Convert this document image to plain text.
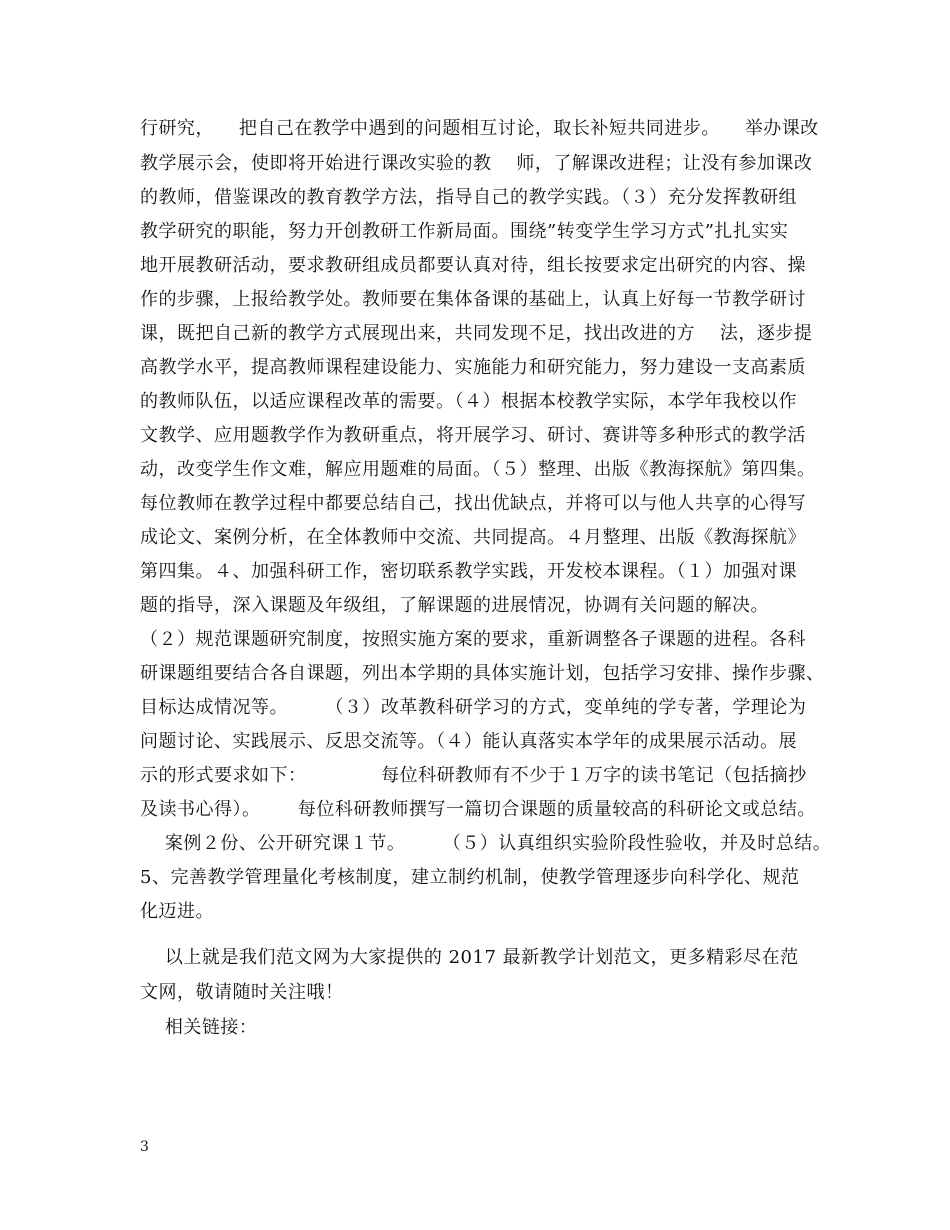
行研究，    把自己在教学中遇到的问题相互讨论，取长补短共同进步。    举办课改
教学展示会，使即将开始进行课改实验的教    师，了解课改进程；让没有参加课改
的教师，借鉴课改的教育教学方法，指导自己的教学实践。（３）充分发挥教研组
教学研究的职能，努力开创教研工作新局面。围绕”转变学生学习方式”扎扎实实
地开展教研活动，要求教研组成员都要认真对待，组长按要求定出研究的内容、操
作的步骤，上报给教学处。教师要在集体备课的基础上，认真上好每一节教学研讨
课，既把自己新的教学方式展现出来，共同发现不足，找出改进的方    法，逐步提
高教学水平，提高教师课程建设能力、实施能力和研究能力，努力建设一支高素质
的教师队伍，以适应课程改革的需要。（４）根据本校教学实际，本学年我校以作
文教学、应用题教学作为教研重点，将开展学习、研讨、赛讲等多种形式的教学活
动，改变学生作文难，解应用题难的局面。（５）整理、出版《教海探航》第四集。
每位教师在教学过程中都要总结自己，找出优缺点，并将可以与他人共享的心得写
成论文、案例分析，在全体教师中交流、共同提高。４月整理、出版《教海探航》
第四集。４、加强科研工作，密切联系教学实践，开发校本课程。（１）加强对课
题的指导，深入课题及年级组，了解课题的进展情况，协调有关问题的解决。
（２）规范课题研究制度，按照实施方案的要求，重新调整各子课题的进程。各科
研课题组要结合各自课题，列出本学期的具体实施计划，包括学习安排、操作步骤、
目标达成情况等。      （３）改革教科研学习的方式，变单纯的学专著，学理论为
问题讨论、实践展示、反思交流等。（４）能认真落实本学年的成果展示活动。展
示的形式要求如下：            每位科研教师有不少于１万字的读书笔记（包括摘抄
及读书心得）。      每位科研教师撰写一篇切合课题的质量较高的科研论文或总结。
案例２份、公开研究课１节。      （５）认真组织实验阶段性验收，并及时总结。
5、完善教学管理量化考核制度，建立制约机制，使教学管理逐步向科学化、规范
化迈进。
以上就是我们范文网为大家提供的 2017 最新教学计划范文，更多精彩尽在范
文网，敬请随时关注哦！
相关链接：
3
